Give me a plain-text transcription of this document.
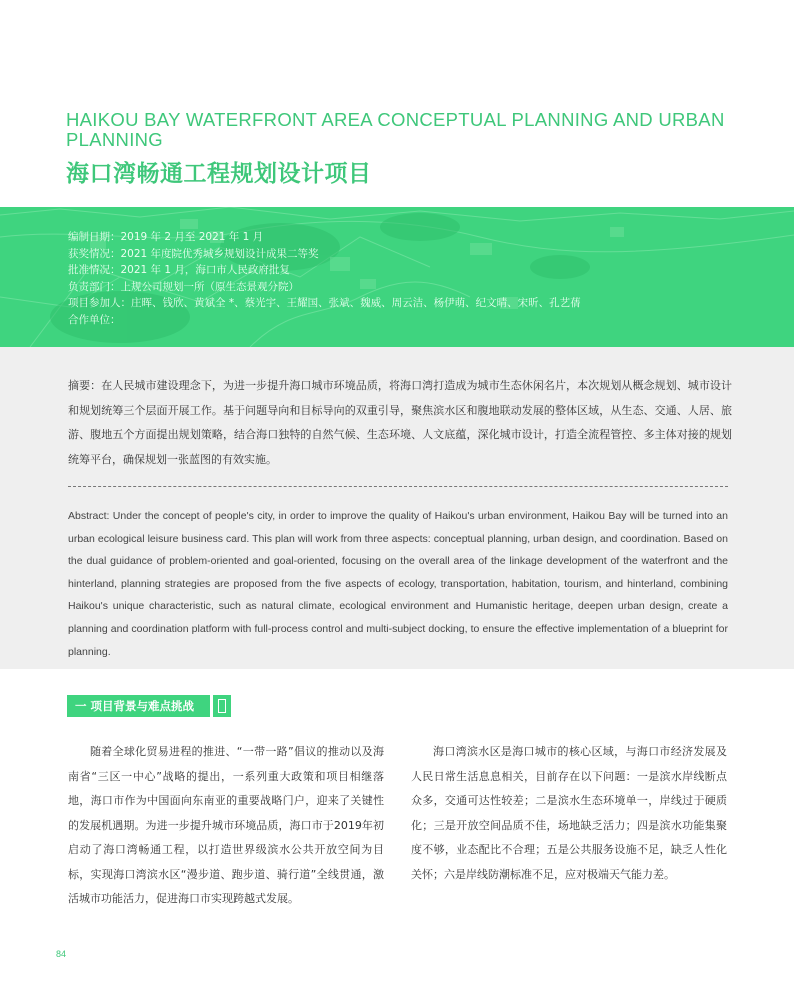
HAIKOU BAY WATERFRONT AREA CONCEPTUAL PLANNING AND URBAN PLANNING
海口湾畅通工程规划设计项目
编制日期：2019 年 2 月至 2021 年 1 月
获奖情况：2021 年度院优秀城乡规划设计成果二等奖
批准情况：2021 年 1 月，海口市人民政府批复
负责部门：上规公司规划一所（原生态景观分院）
项目参加人：庄晖、钱欣、黄斌全 *、蔡光宇、王耀国、张斌、魏威、周云洁、杨伊萌、纪文晴、宋昕、孔艺蒨
合作单位：

摘要：在人民城市建设理念下，为进一步提升海口城市环境品质，将海口湾打造成为城市生态休闲名片，本次规划从概念规划、城市设计和规划统筹三个层面开展工作。基于问题导向和目标导向的双重引导，聚焦滨水区和腹地联动发展的整体区域，从生态、交通、人居、旅游、腹地五个方面提出规划策略，结合海口独特的自然气候、生态环境、人文底蕴，深化城市设计，打造全流程管控、多主体对接的规划统筹平台，确保规划一张蓝图的有效实施。

Abstract: Under the concept of people's city, in order to improve the quality of Haikou's urban environment, Haikou Bay will be turned into an urban ecological leisure business card. This plan will work from three aspects: conceptual planning, urban design, and coordination. Based on the dual guidance of problem-oriented and goal-oriented, focusing on the overall area of the linkage development of the waterfront and the hinterland, planning strategies are proposed from the five aspects of ecology, transportation, habitation, tourism, and hinterland, combining Haikou's unique characteristic, such as natural climate, ecological environment and Humanistic heritage, deepen urban design, create a planning and coordination platform with full-process control and multi-subject docking, to ensure the effective implementation of a blueprint for planning.

一 项目背景与难点挑战

随着全球化贸易进程的推进、“一带一路”倡议的推动以及海南省“三区一中心”战略的提出，一系列重大政策和项目相继落地，海口市作为中国面向东南亚的重要战略门户，迎来了关键性的发展机遇期。为进一步提升城市环境品质，海口市于2019年初启动了海口湾畅通工程，以打造世界级滨水公共开放空间为目标，实现海口湾滨水区“漫步道、跑步道、骑行道”全线贯通，激活城市功能活力，促进海口市实现跨越式发展。

海口湾滨水区是海口城市的核心区域，与海口市经济发展及人民日常生活息息相关，目前存在以下问题：一是滨水岸线断点众多，交通可达性较差；二是滨水生态环境单一，岸线过于硬质化；三是开放空间品质不佳，场地缺乏活力；四是滨水功能集聚度不够，业态配比不合理；五是公共服务设施不足，缺乏人性化关怀；六是岸线防潮标准不足，应对极端天气能力差。

84
